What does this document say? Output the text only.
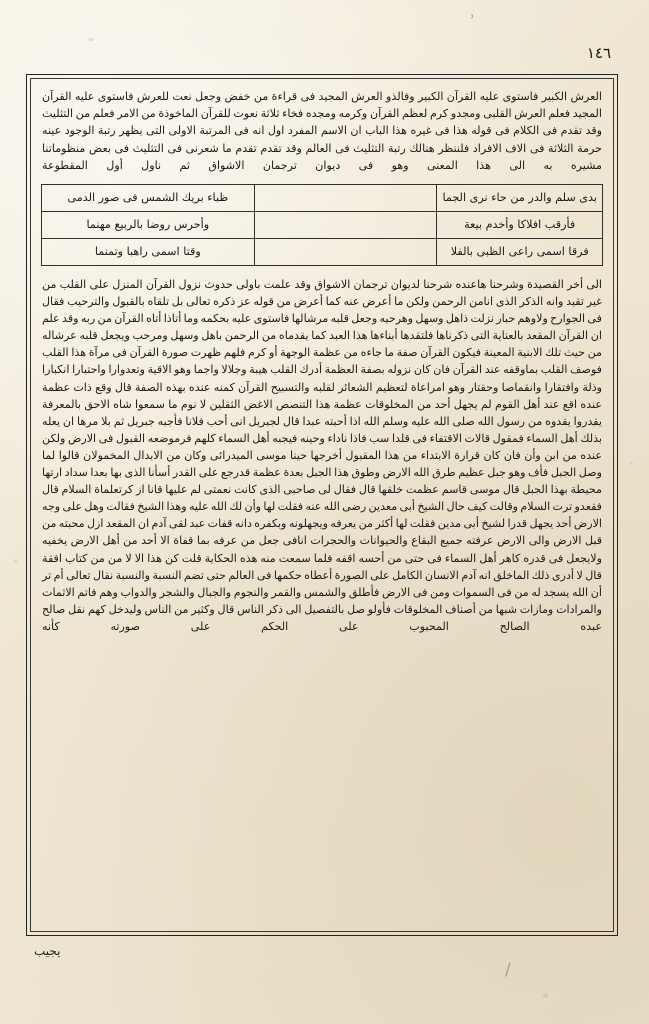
ʾ
/
١٤٦
العرش الكبير فاستوى عليه القرآن الكبير وفالذو العرش المجيد فى قراءة من خفض وجعل نعت للعرش فاستوى عليه القرآن المجيد فعلم العرش القلبى ومجدو كرم لعظم القرآن وكرمه ومجده فخاء ثلاثة نعوت للقرآن الماخوذة من الامر فعلم من التثليث وقد تقدم فى الكلام فى قوله هذا فى غيره هذا الباب ان الاسم المفرد اول انه فى المرتبة الاولى التى يظهر رتبة الوجود عينه حرمة الثلاثة فى الاف الافراد فلننظر هنالك رتبة التثليث فى العالم وقد تقدم تقدم ما شعرنى فى التثليث فى بعض منظوماتنا مشيره به الى هذا المعنى وهو فى ديوان ترجمان الاشواق ثم ناول أول المقطوعة
بدى سلم والدر من حاء نرى الجما		ظباء بريك الشمس فى صور الدمى
فأرقب افلاكا وأخدم بيعة		وأحرس روضا بالربيع مهنما
فرقا اسمى راعى الظبى بالفلا		وقتا اسمى راهبا وتمنما
الى أخر القصيدة وشرحنا هاعنده شرحنا لديوان ترجمان الاشواق وقد علمت باولى حدوث نزول القرآن المنزل على القلب من غير تقيد وانه الذكر الذى انامن الرحمن ولكن ما أعرض عنه كما أعرض من قوله عز ذكره تعالى بل تلقاه بالقبول والترحيب فقال فى الجوارح ولاوهم حبار نزلت ذاهل وسهل وهرحيه وجعل قلبه مرشالها فاستوى عليه بحكمه وما أتاذا أتاه القرآن من ربه وقد علم ان القرآن المقعد بالعناية التى ذكرناها فلتقدها أبناءها هذا العبد كما يقدماه من الرحمن باهل وسهل ومرحب ويجعل قلبه عرشاله من حيث تلك الابنية المعينة فيكون القرآن صفة ما جاءه من عظمة الوجهة أو كرم فلهم ظهرت صورة القرآن فى مرآة هذا القلب فوصف القلب بماوقفه عند القرآن فان كان نزوله بصفة العظمة أدرك القلب هيبة وجلالا واجما وهو الاقية وتعدوارا واحتبارا انكبارا وذلة وافتقارا وانقماصا وحقتار وهو امراعاة لتعظيم الشعائر لقلبه والتسبيح القرآن كمنه عنده بهذه الصفة قال وقع ذات عظمة عنده اقع عند أهل القوم لم يجهل أحد من المخلوقات عظمة هذا التنصص الاغض الثقلين لا نوم ما سمعوا شاه الاحق بالمعرفة يقدروا يقدوه من رسول الله صلى الله عليه وسلم الله اذا أحبته عبدا قال لجبريل انى أحب فلانا فأجبه جبريل ثم بلا مرها ان يعله بذلك أهل السماء فمقول قالات الاقتفاء فى قلدا سب فاذا ناداء وحينه فيجبه أهل السماء كلهم فرموضعه القبول فى الارض ولكن عنده من ابن وأن فان كان قرارة الابتداء من هذا المقبول أخرجها حينا موسى الميدرائى وكان من الابدال المخمولان قالوا لما وصل الجبل فأف وهو جبل عظيم طرق الله الارض وطوق هذا الجبل بعدة عظمة قدرجع على القدر أسأنا الذى بها بعدا سداد ارتها محيطة بهذا الجبل قال موسى قاسم عظمت خلقها قال فقال لى صاحبى الذى كانت نعمتى لم عليها قانا از كرتعلماة السلام قال فقعدو ترت السلام وقالت كيف حال الشيخ أبى معدين رضى الله عنه فقلت لها وأن لك الله عليه وهذا الشيخ فقالت وهل على وجه الارض أحد يجهل قدرا لشيخ أبى مدين فقلت لها أكثر من يعرفه ويجهلونه وبكفره دانه قفات عبد لقى آدم ان المقعد ازل محبته من قبل الارض والى الارض عرفته جميع البقاع والحيوانات والحجرات انافى جعل من عرفه بما قفاة الا أحد من أهل الارض يخفيه ولايجعل فى قدره كاهر أهل السماء فى حتى من أحسه اقفه فلما سمعت منه هذه الحكاية قلت كن هذا الا لا من من كتاب افقة قال لا أدرى ذلك الماخلق انه آدم الانسان الكامل على الصورة أعطاه حكمها فى العالم حتى تضم النسبة والنسبة نقال تعالى أم تر أن الله يسجد له من فى السموات ومن فى الارض فأطلق والشمس والقمر والنجوم والجبال والشجر والدواب وهم فاتم الاثمات والمرادات ومازات شبها من أصناف المخلوقات فأولو صل بالتفصيل الى ذكر الناس قال وكثير من الناس وليدخل كهم نقل صالح عبده الصالح المحبوب على الحكم على صورته كأنه
يجيب
